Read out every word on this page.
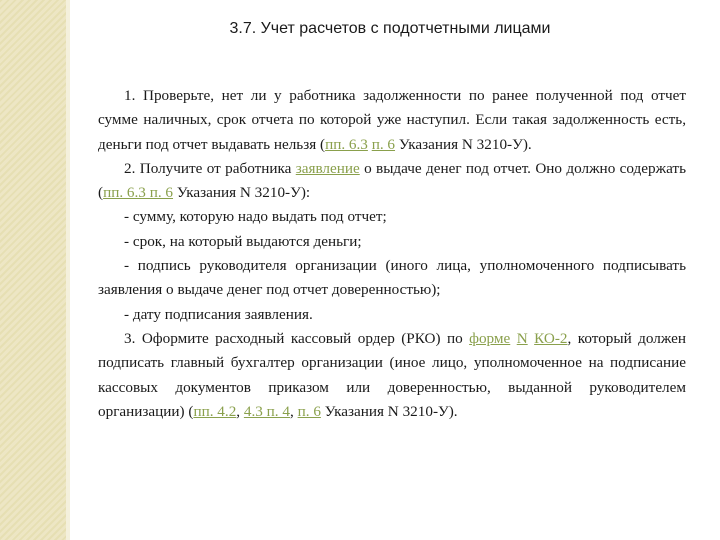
3.7. Учет расчетов с подотчетными лицами

1. Проверьте, нет ли у работника задолженности по ранее полученной под отчет сумме наличных, срок отчета по которой уже наступил. Если такая задолженность есть, деньги под отчет выдавать нельзя (пп. 6.3 п. 6 Указания N 3210-У).

2. Получите от работника заявление о выдаче денег под отчет. Оно должно содержать (пп. 6.3 п. 6 Указания N 3210-У):

- сумму, которую надо выдать под отчет;

- срок, на который выдаются деньги;

- подпись руководителя организации (иного лица, уполномоченного подписывать заявления о выдаче денег под отчет доверенностью);

- дату подписания заявления.

3. Оформите расходный кассовый ордер (РКО) по форме N КО-2, который должен подписать главный бухгалтер организации (иное лицо, уполномоченное на подписание кассовых документов приказом или доверенностью, выданной руководителем организации) (пп. 4.2, 4.3 п. 4, п. 6 Указания N 3210-У).
